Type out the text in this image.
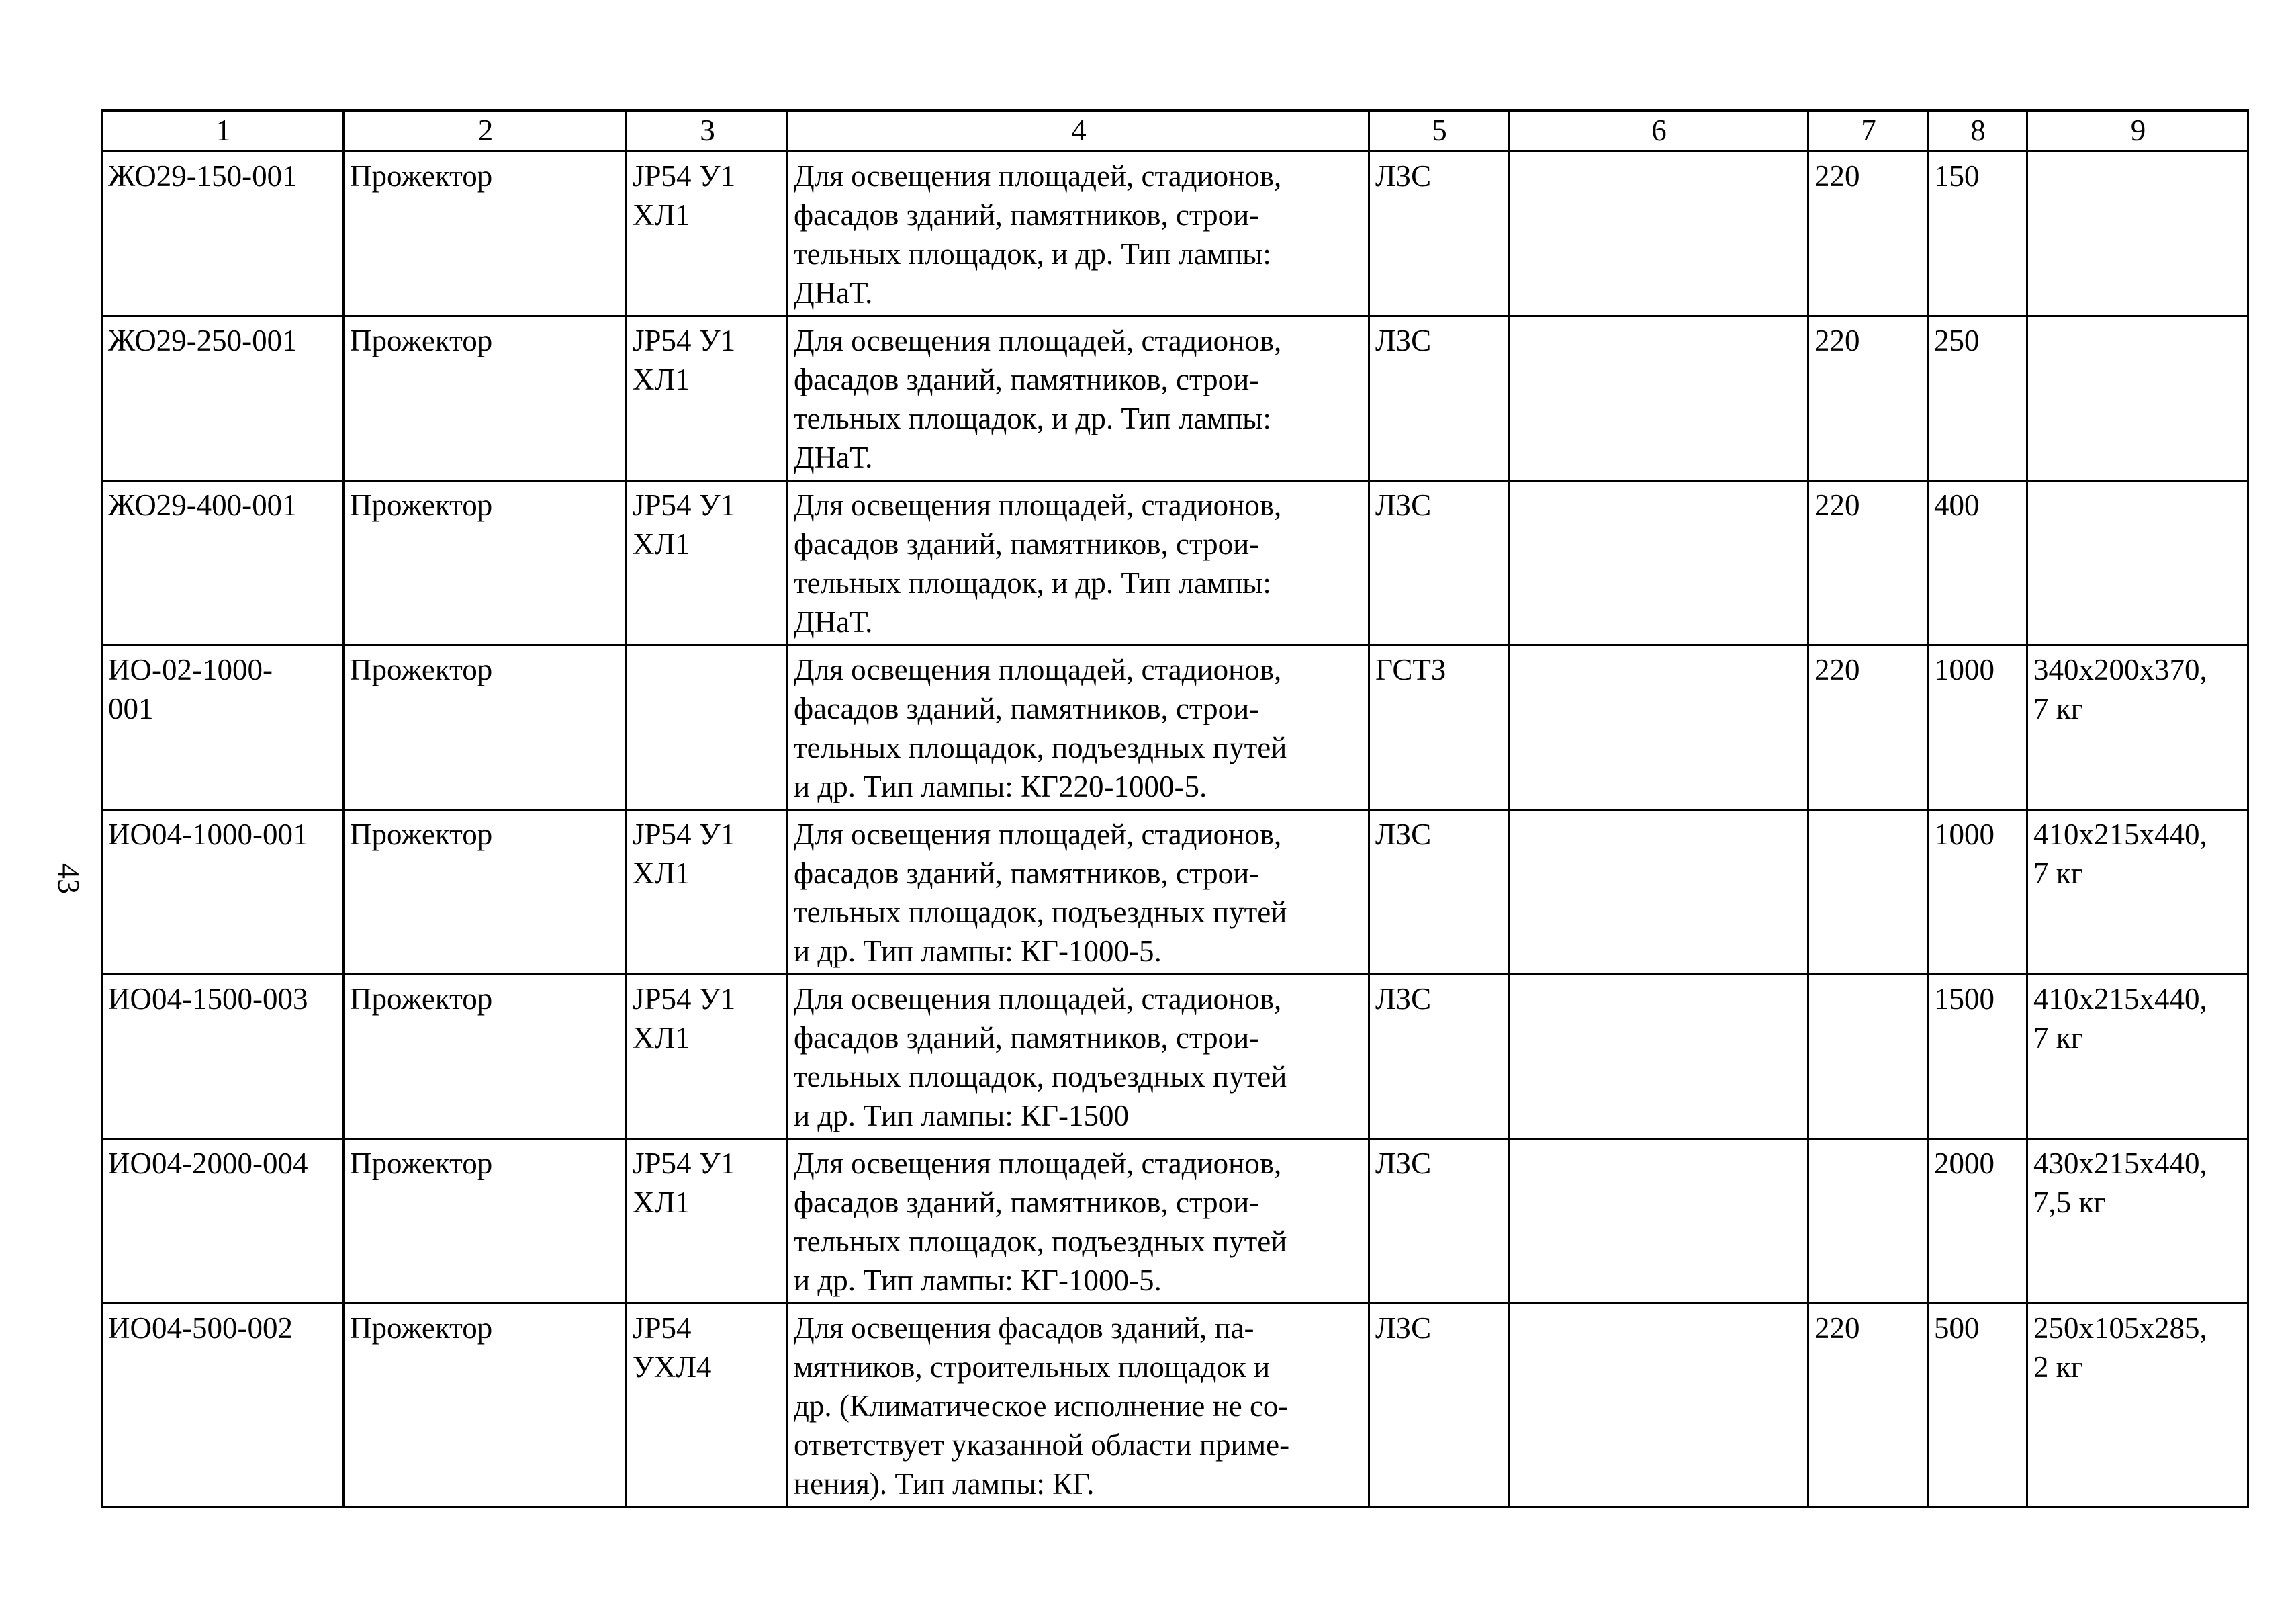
43
1	2	3	4	5	6	7	8	9
ЖО29-150-001	Прожектор	JP54 У1
ХЛ1	Для освещения площадей, стадионов,
фасадов зданий, памятников, строи-
тельных площадок, и др. Тип лампы:
ДНаТ.	ЛЗС		220	150	
ЖО29-250-001	Прожектор	JP54 У1
ХЛ1	Для освещения площадей, стадионов,
фасадов зданий, памятников, строи-
тельных площадок, и др. Тип лампы:
ДНаТ.	ЛЗС		220	250	
ЖО29-400-001	Прожектор	JP54 У1
ХЛ1	Для освещения площадей, стадионов,
фасадов зданий, памятников, строи-
тельных площадок, и др. Тип лампы:
ДНаТ.	ЛЗС		220	400	
ИО-02-1000-
001	Прожектор		Для освещения площадей, стадионов,
фасадов зданий, памятников, строи-
тельных площадок, подъездных путей
и др. Тип лампы: КГ220-1000-5.	ГСТЗ		220	1000	340х200х370,
7 кг
ИО04-1000-001	Прожектор	JP54 У1
ХЛ1	Для освещения площадей, стадионов,
фасадов зданий, памятников, строи-
тельных площадок, подъездных путей
и др. Тип лампы: КГ-1000-5.	ЛЗС			1000	410х215х440,
7 кг
ИО04-1500-003	Прожектор	JP54 У1
ХЛ1	Для освещения площадей, стадионов,
фасадов зданий, памятников, строи-
тельных площадок, подъездных путей
и др. Тип лампы: КГ-1500	ЛЗС			1500	410х215х440,
7 кг
ИО04-2000-004	Прожектор	JP54 У1
ХЛ1	Для освещения площадей, стадионов,
фасадов зданий, памятников, строи-
тельных площадок, подъездных путей
и др. Тип лампы: КГ-1000-5.	ЛЗС			2000	430х215х440,
7,5 кг
ИО04-500-002	Прожектор	JP54
УХЛ4	Для освещения фасадов зданий, па-
мятников, строительных площадок и
др. (Климатическое исполнение не со-
ответствует указанной области приме-
нения). Тип лампы: КГ.	ЛЗС		220	500	250х105х285,
2 кг
